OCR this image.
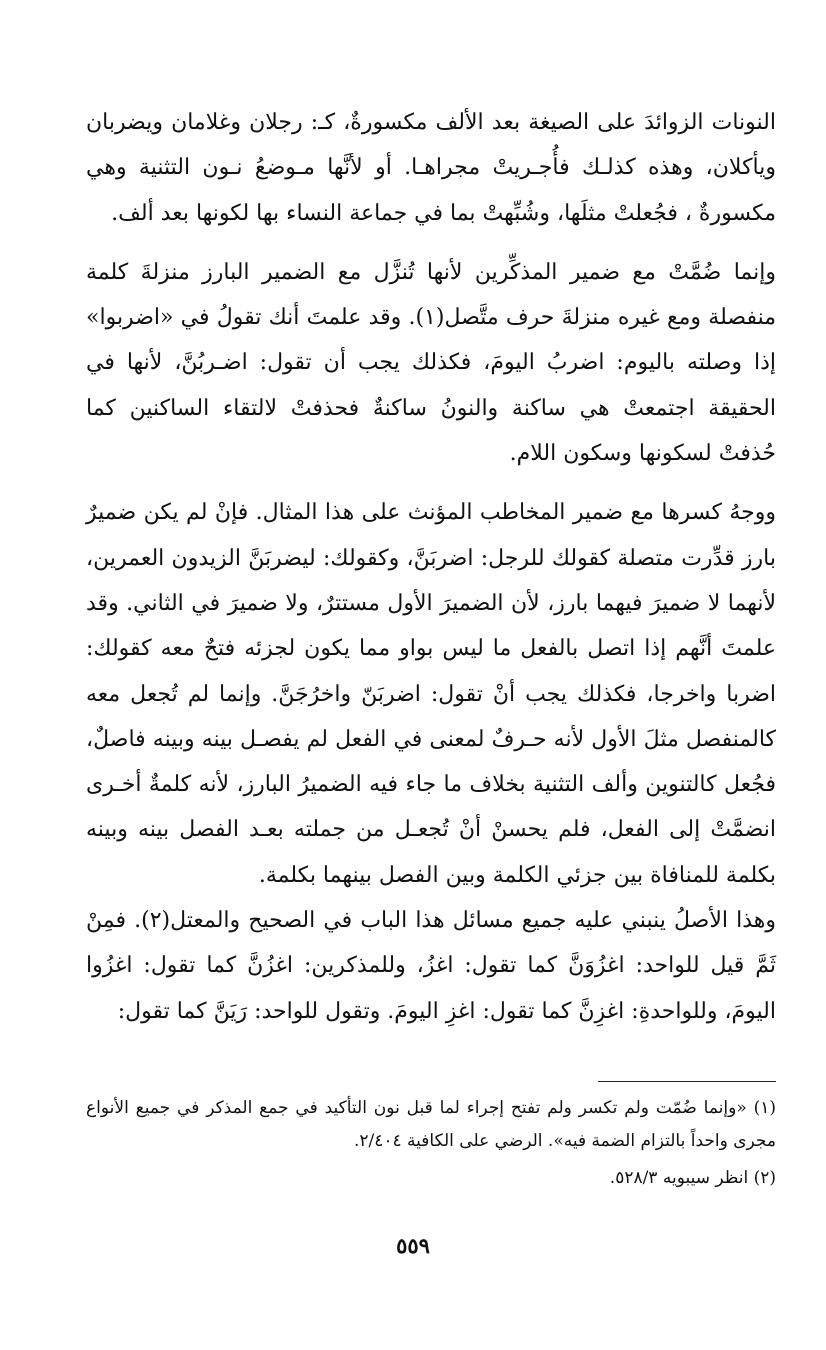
النونات الزوائدَ على الصيغة بعد الألف مكسورةٌ، كـ: رجلان وغلامان ويضربان ويأكلان، وهذه كذلـك فأُجـريتْ مجراهـا. أو لأنَّها مـوضعُ نـون التثنية وهي مكسورةٌ ، فجُعلتْ مثلَها، وشُبِّهتْ بما في جماعة النساء بها لكونها بعد ألف.

وإنما ضُمَّتْ مع ضمير المذكِّرين لأنها تُنزَّل مع الضمير البارز منزلةَ كلمة منفصلة ومع غيره منزلةَ حرف متَّصل(١). وقد علمتَ أنك تقولُ في «اضربوا» إذا وصلته باليوم: اضربُ اليومَ، فكذلك يجب أن تقول: اضـربُنَّ، لأنها في الحقيقة اجتمعتْ هي ساكنة والنونُ ساكنةٌ فحذفتْ لالتقاء الساكنين كما حُذفتْ لسكونها وسكون اللام.

ووجهُ كسرها مع ضمير المخاطب المؤنث على هذا المثال. فإنْ لم يكن ضميرٌ بارز قدِّرت متصلة كقولك للرجل: اضربَنَّ، وكقولك: ليضربَنَّ الزيدون العمرين، لأنهما لا ضميرَ فيهما بارز، لأن الضميرَ الأول مستترٌ، ولا ضميرَ في الثاني. وقد علمتَ أنَّهم إذا اتصل بالفعل ما ليس بواو مما يكون لجزئه فتحٌ معه كقولك: اضربا واخرجا، فكذلك يجب أنْ تقول: اضربَنّ واخرُجَنَّ. وإنما لم تُجعل معه كالمنفصل مثلَ الأول لأنه حـرفٌ لمعنى في الفعل لم يفصـل بينه وبينه فاصلٌ، فجُعل كالتنوين وألف التثنية بخلاف ما جاء فيه الضميرُ البارز، لأنه كلمةٌ أخـرى انضمَّتْ إلى الفعل، فلم يحسنْ أنْ تُجعـل من جملته بعـد الفصل بينه وبينه بكلمة للمنافاة بين جزئي الكلمة وبين الفصل بينهما بكلمة.

وهذا الأصلُ ينبني عليه جميع مسائل هذا الباب في الصحيح والمعتل(٢). فمِنْ ثَمَّ قيل للواحد: اغزُوَنَّ كما تقول: اغزُ، وللمذكرين: اغزُنَّ كما تقول: اغزُوا اليومَ، وللواحدةِ: اغزِنَّ كما تقول: اغزِ اليومَ. وتقول للواحد: رَيَنَّ كما تقول:

(١) «وإنما ضُمّت ولم تكسر ولم تفتح إجراء لما قبل نون التأكيد في جمع المذكر في جميع الأنواع مجرى واحداً بالتزام الضمة فيه». الرضي على الكافية ٢/٤٠٤.

(٢) انظر سيبويه ٥٢٨/٣.

٥٥٩
